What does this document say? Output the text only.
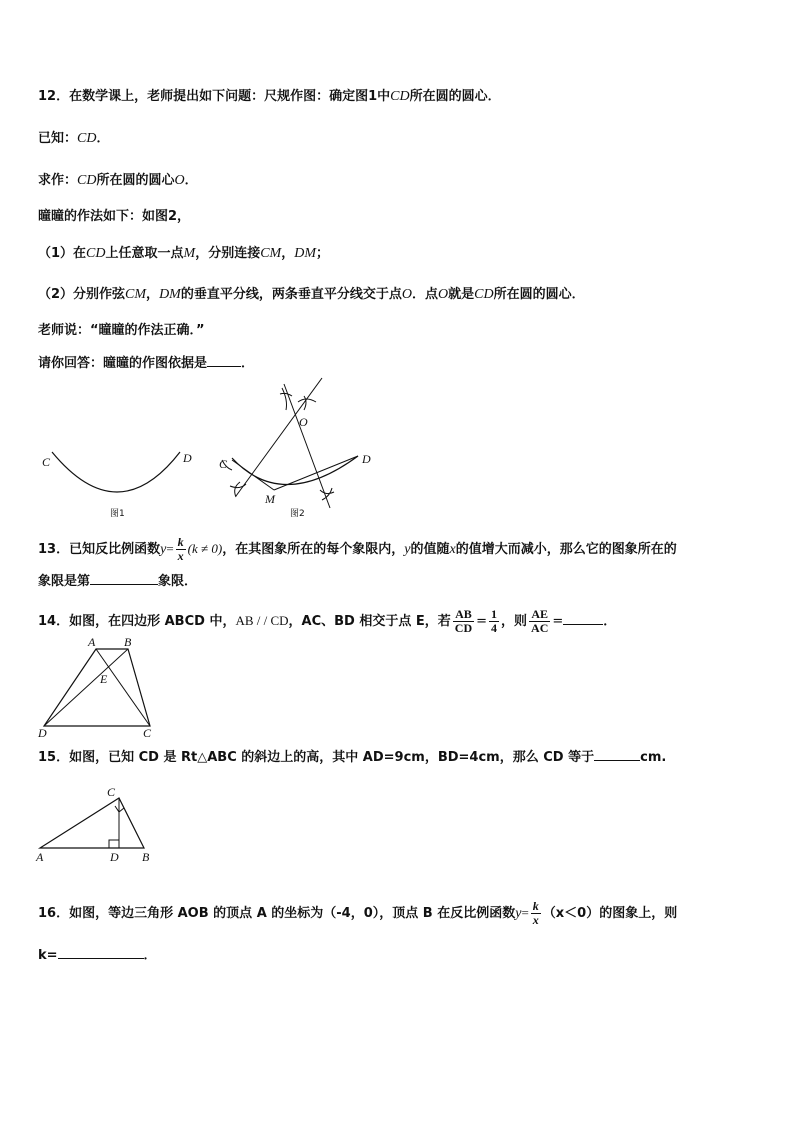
12．在数学课上，老师提出如下问题：尺规作图：确定图1中CD所在圆的圆心．
已知：CD．
求作：CD所在圆的圆心O．
曈曈的作法如下：如图2，
（1）在CD上任意取一点M，分别连接CM，DM；
（2）分别作弦CM，DM的垂直平分线，两条垂直平分线交于点O．点O就是CD所在圆的圆心．
老师说：“曈曈的作法正确．”
请你回答：曈曈的作图依据是	．
C	D
图1
C	D
M
O
图2
13．已知反比例函数$y= \frac{k}{x} (k \ne 0)$，在其图象所在的每个象限内，y的值随x的值增大而减小，那么它的图象所在的
象限是第	象限．
14．如图，在四边形 ABCD 中，AB / / CD，AC、BD 相交于点 E，若 $\frac{AB}{CD} = \frac{1}{4}$ ，则 $\frac{AE}{AC}$ =	．
A B
C
D
E
15．如图，已知 CD 是 Rt△ABC 的斜边上的高，其中 AD=9cm，BD=4cm，那么 CD 等于	cm.
A	D B
C
16．如图，等边三角形 AOB 的顶点 A 的坐标为（-4，0），顶点 B 在反比例函数$y= \frac{k}{x} (x<0)$的图象上，则
k=	．
